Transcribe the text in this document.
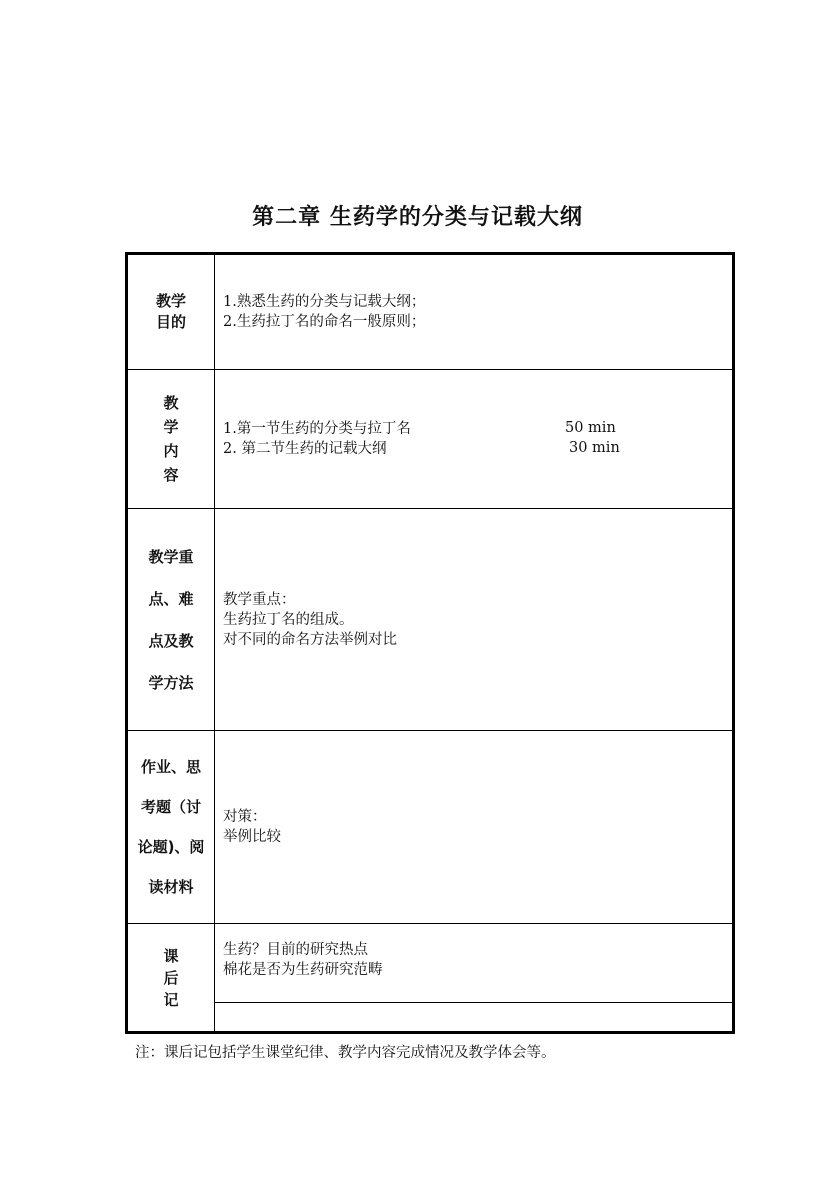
第二章 生药学的分类与记载大纲
教学
目的
1.熟悉生药的分类与记载大纲；
2.生药拉丁名的命名一般原则；
教
学
内
容
1.第一节生药的分类与拉丁名
2. 第二节生药的记载大纲
50 min
30 min
教学重
点、难
点及教
学方法
教学重点：
生药拉丁名的组成。
对不同的命名方法举例对比
作业、思
考题（讨
论题)、阅
读材料
对策：
举例比较
课
后
记
生药？目前的研究热点
棉花是否为生药研究范畴
注：课后记包括学生课堂纪律、教学内容完成情况及教学体会等。
